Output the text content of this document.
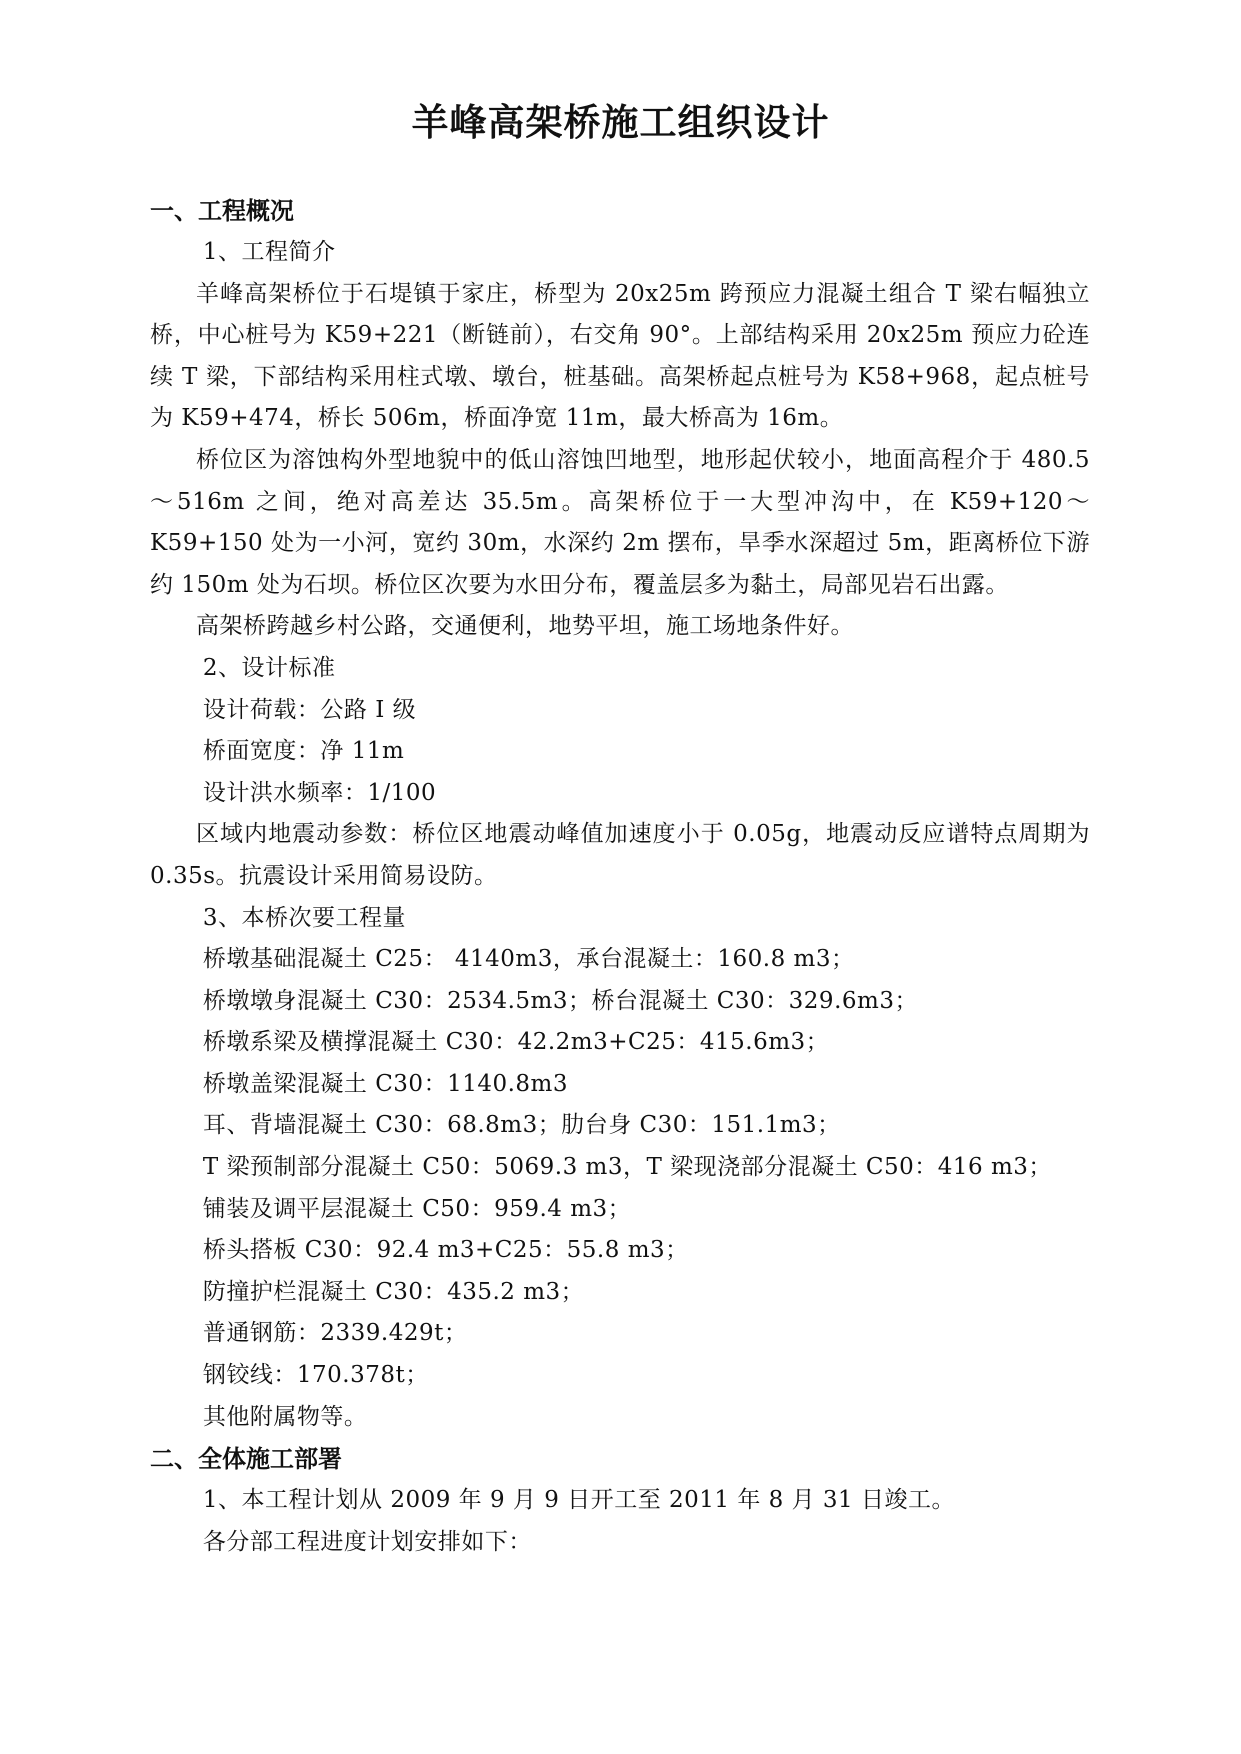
羊峰高架桥施工组织设计
一、工程概况
1、工程简介

羊峰高架桥位于石堤镇于家庄，桥型为 20x25m 跨预应力混凝土组合 T 梁右幅独立桥，中心桩号为 K59+221（断链前），右交角 90°。上部结构采用 20x25m 预应力砼连续 T 梁，下部结构采用柱式墩、墩台，桩基础。高架桥起点桩号为 K58+968，起点桩号为 K59+474，桥长 506m，桥面净宽 11m，最大桥高为 16m。

桥位区为溶蚀构外型地貌中的低山溶蚀凹地型，地形起伏较小，地面高程介于 480.5～516m 之间，绝对高差达 35.5m。高架桥位于一大型冲沟中，在 K59+120～K59+150 处为一小河，宽约 30m，水深约 2m 摆布，旱季水深超过 5m，距离桥位下游约 150m 处为石坝。桥位区次要为水田分布，覆盖层多为黏土，局部见岩石出露。

高架桥跨越乡村公路，交通便利，地势平坦，施工场地条件好。

2、设计标准
设计荷载：公路 I 级
桥面宽度：净 11m
设计洪水频率：1/100

区域内地震动参数：桥位区地震动峰值加速度小于 0.05g，地震动反应谱特点周期为 0.35s。抗震设计采用简易设防。

3、本桥次要工程量
桥墩基础混凝土 C25： 4140m3，承台混凝土：160.8 m3；
桥墩墩身混凝土 C30：2534.5m3；桥台混凝土 C30：329.6m3；
桥墩系梁及横撑混凝土 C30：42.2m3+C25：415.6m3；
桥墩盖梁混凝土 C30：1140.8m3
耳、背墙混凝土 C30：68.8m3；肋台身 C30：151.1m3；
T 梁预制部分混凝土 C50：5069.3 m3，T 梁现浇部分混凝土 C50：416 m3；
铺装及调平层混凝土 C50：959.4 m3；
桥头搭板 C30：92.4 m3+C25：55.8 m3；
防撞护栏混凝土 C30：435.2 m3；
普通钢筋：2339.429t；
钢铰线：170.378t；
其他附属物等。
二、全体施工部署
1、本工程计划从 2009 年 9 月 9 日开工至 2011 年 8 月 31 日竣工。
各分部工程进度计划安排如下：
